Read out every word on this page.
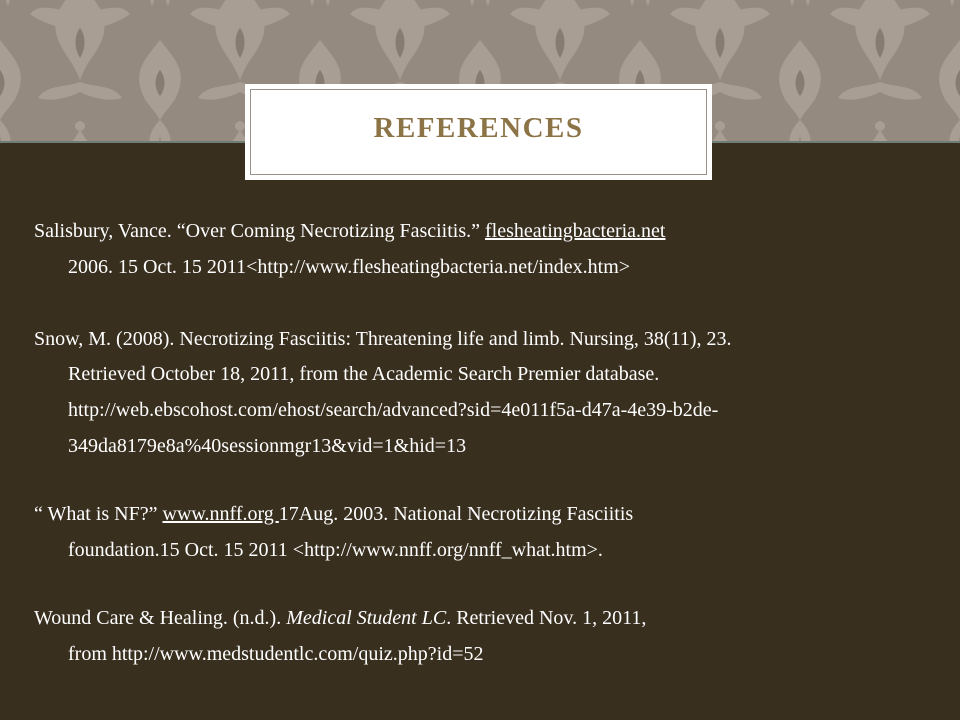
REFERENCES
Salisbury, Vance. “Over Coming Necrotizing Fasciitis.” flesheatingbacteria.net
2006. 15 Oct. 15 2011<http://www.flesheatingbacteria.net/index.htm>
Snow, M. (2008). Necrotizing Fasciitis: Threatening life and limb. Nursing, 38(11), 23.
Retrieved October 18, 2011, from the Academic Search Premier database.
http://web.ebscohost.com/ehost/search/advanced?sid=4e011f5a-d47a-4e39-b2de-
349da8179e8a%40sessionmgr13&vid=1&hid=13
“ What is NF?” www.nnff.org 17Aug. 2003. National Necrotizing Fasciitis
foundation.15 Oct. 15 2011 <http://www.nnff.org/nnff_what.htm>.
Wound Care & Healing. (n.d.). Medical Student LC. Retrieved Nov. 1, 2011,
from http://www.medstudentlc.com/quiz.php?id=52
